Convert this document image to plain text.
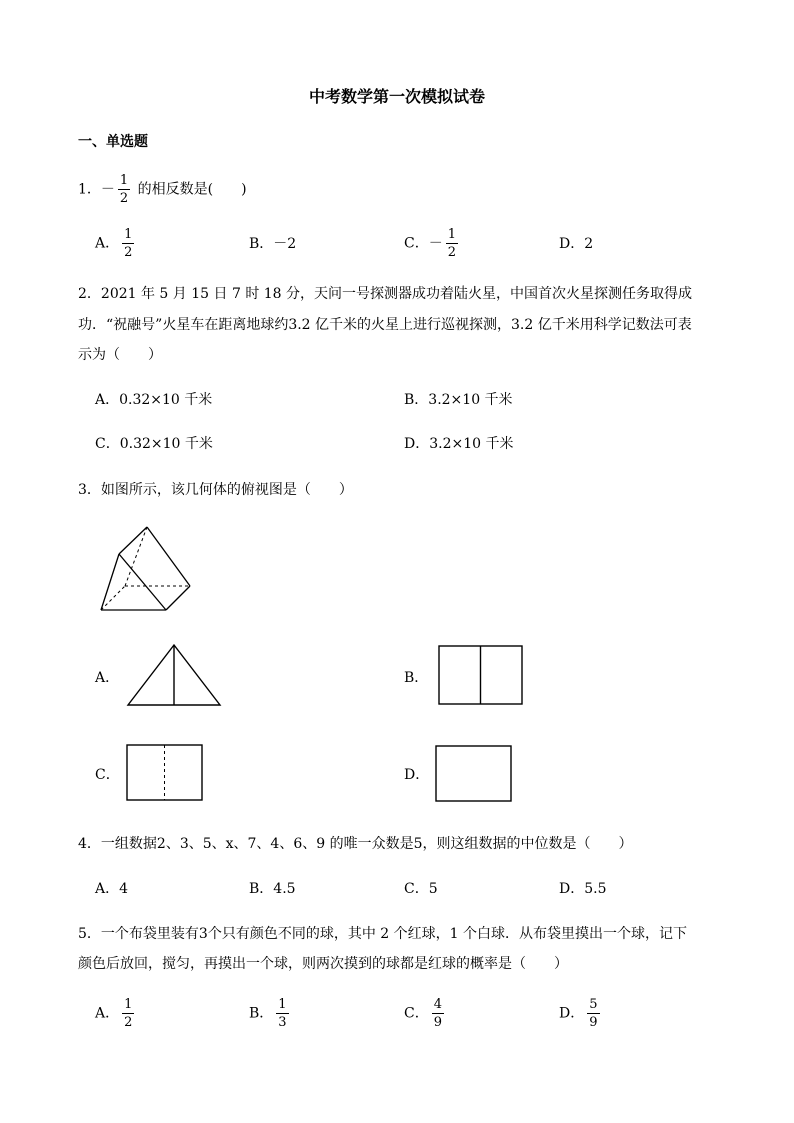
中考数学第一次模拟试卷
一、单选题
1．－ $\frac{1}{2}$ 的相反数是(　　)
A． $\frac{1}{2}$	B．－2	C．－ $\frac{1}{2}$	D．2
2．2021 年 5 月 15 日 7 时 18 分，天问一号探测器成功着陆火星，中国首次火星探测任务取得成
功．“祝融号”火星车在距离地球约3.2 亿千米的火星上进行巡视探测，3.2 亿千米用科学记数法可表
示为（　　）
A．0.32×10 千米	B．3.2×10 千米
C．0.32×10 千米	D．3.2×10 千米
3．如图所示，该几何体的俯视图是（　　）
A．	B．
C．	D．
4．一组数据2、3、5、x、7、4、6、9 的唯一众数是5，则这组数据的中位数是（　　）
A．4	B．4.5	C．5	D．5.5
5．一个布袋里装有3个只有颜色不同的球，其中 2 个红球，1 个白球．从布袋里摸出一个球，记下
颜色后放回，搅匀，再摸出一个球，则两次摸到的球都是红球的概率是（　　）
A． $\frac{1}{2}$	B． $\frac{1}{3}$	C． $\frac{4}{9}$	D． $\frac{5}{9}$
